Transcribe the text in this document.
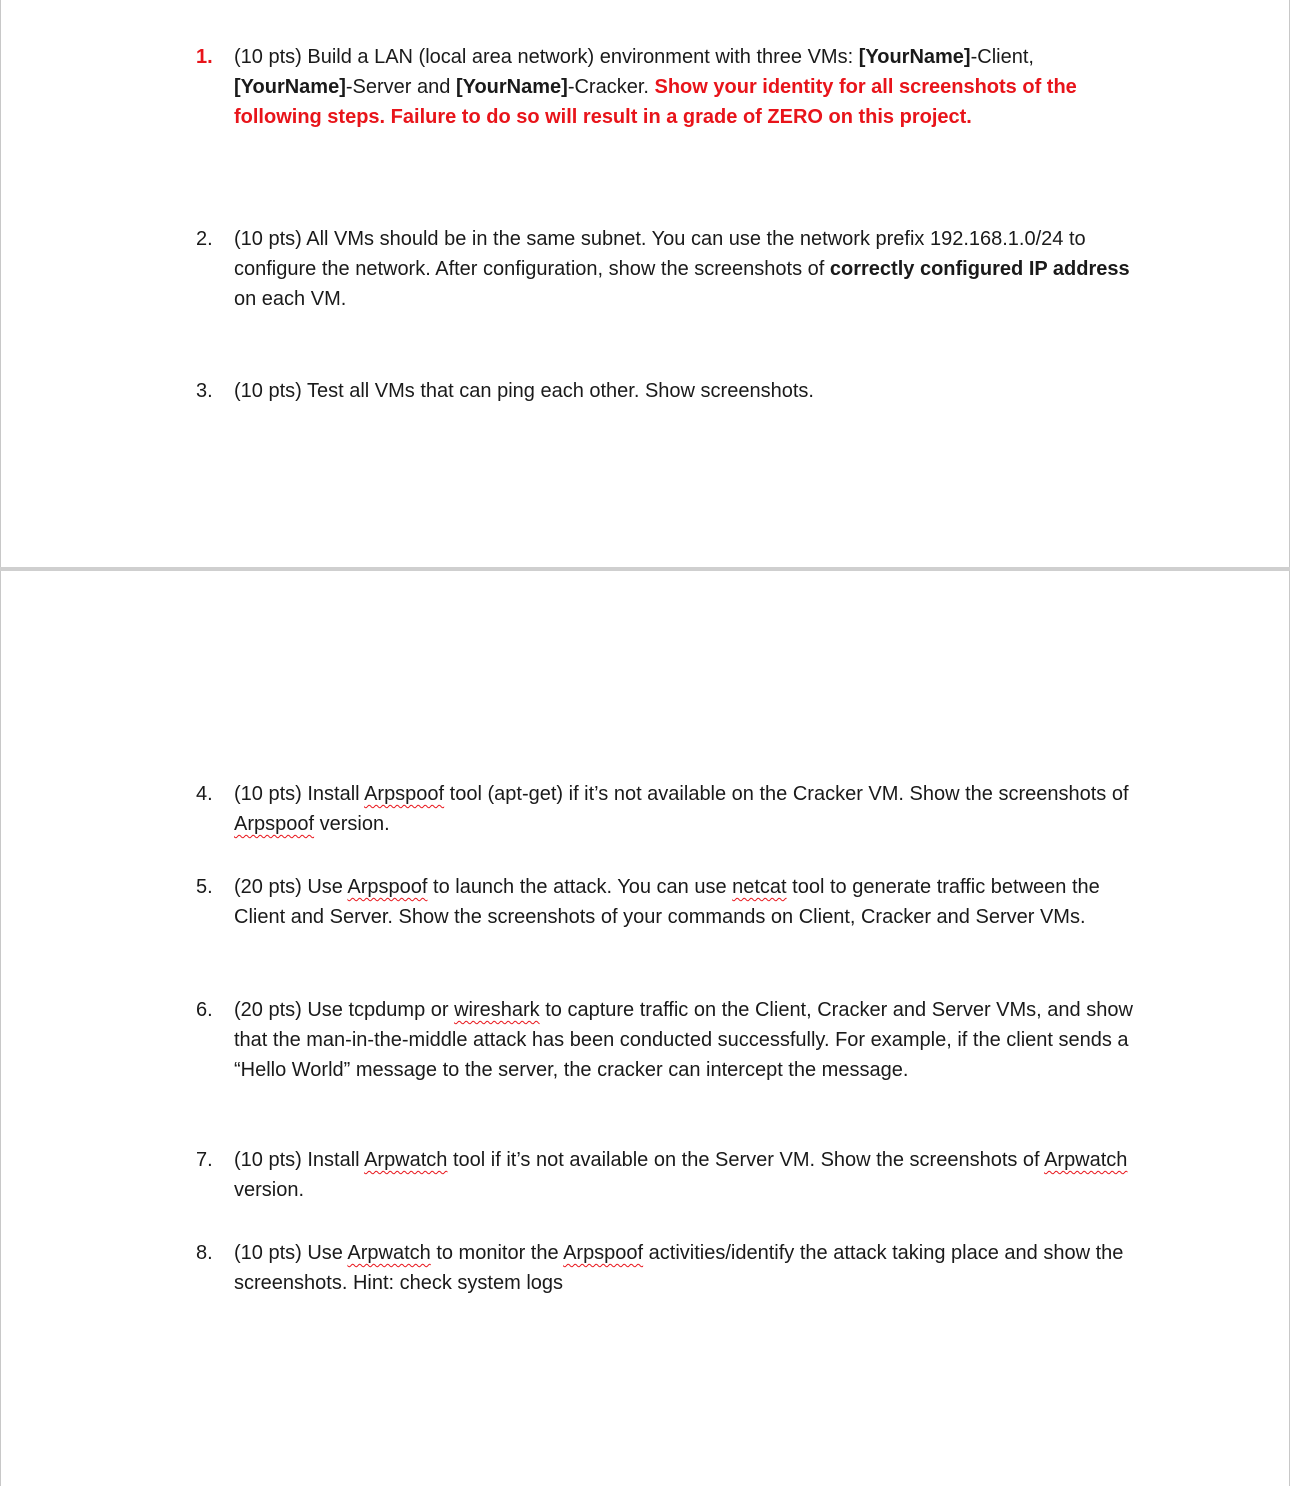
1.	(10 pts) Build a LAN (local area network) environment with three VMs: [YourName]-Client, [YourName]-Server and [YourName]-Cracker. Show your identity for all screenshots of the following steps. Failure to do so will result in a grade of ZERO on this project.
2.	(10 pts) All VMs should be in the same subnet. You can use the network prefix 192.168.1.0/24 to configure the network. After configuration, show the screenshots of correctly configured IP address on each VM.
3.	(10 pts) Test all VMs that can ping each other. Show screenshots.
4.	(10 pts) Install Arpspoof tool (apt-get) if it’s not available on the Cracker VM. Show the screenshots of Arpspoof version.
5.	(20 pts) Use Arpspoof to launch the attack. You can use netcat tool to generate traffic between the Client and Server. Show the screenshots of your commands on Client, Cracker and Server VMs.
6.	(20 pts) Use tcpdump or wireshark to capture traffic on the Client, Cracker and Server VMs, and show that the man-in-the-middle attack has been conducted successfully. For example, if the client sends a “Hello World” message to the server, the cracker can intercept the message.
7.	(10 pts) Install Arpwatch tool if it’s not available on the Server VM. Show the screenshots of Arpwatch version.
8.	(10 pts) Use Arpwatch to monitor the Arpspoof activities/identify the attack taking place and show the screenshots. Hint: check system logs
